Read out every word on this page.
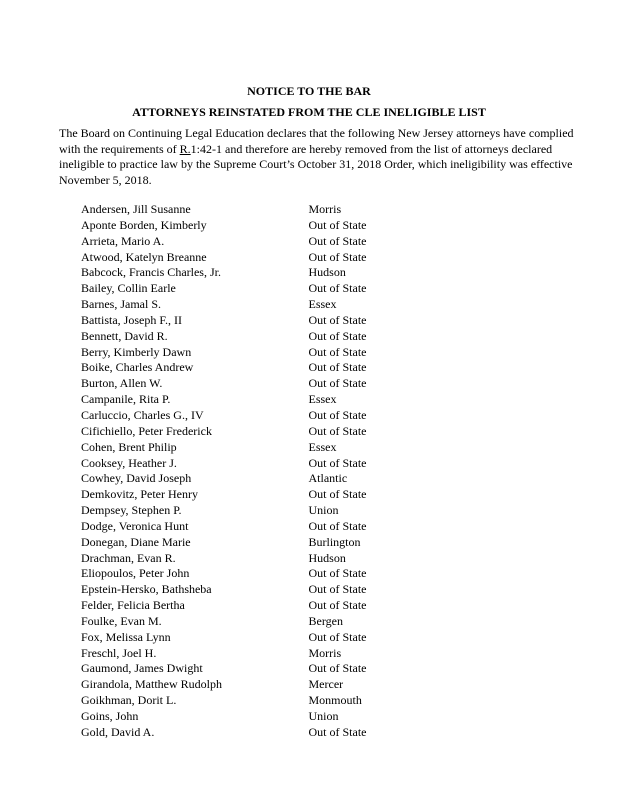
NOTICE TO THE BAR
ATTORNEYS REINSTATED FROM THE CLE INELIGIBLE LIST
The Board on Continuing Legal Education declares that the following New Jersey attorneys have complied with the requirements of R.1:42-1 and therefore are hereby removed from the list of attorneys declared ineligible to practice law by the Supreme Court’s October 31, 2018 Order, which ineligibility was effective November 5, 2018.
Andersen, Jill Susanne	Morris
Aponte Borden, Kimberly	Out of State
Arrieta, Mario A.	Out of State
Atwood, Katelyn Breanne	Out of State
Babcock, Francis Charles, Jr.	Hudson
Bailey, Collin Earle	Out of State
Barnes, Jamal S.	Essex
Battista, Joseph F., II	Out of State
Bennett, David R.	Out of State
Berry, Kimberly Dawn	Out of State
Boike, Charles Andrew	Out of State
Burton, Allen W.	Out of State
Campanile, Rita P.	Essex
Carluccio, Charles G., IV	Out of State
Cifichiello, Peter Frederick	Out of State
Cohen, Brent Philip	Essex
Cooksey, Heather J.	Out of State
Cowhey, David Joseph	Atlantic
Demkovitz, Peter Henry	Out of State
Dempsey, Stephen P.	Union
Dodge, Veronica Hunt	Out of State
Donegan, Diane Marie	Burlington
Drachman, Evan R.	Hudson
Eliopoulos, Peter John	Out of State
Epstein-Hersko, Bathsheba	Out of State
Felder, Felicia Bertha	Out of State
Foulke, Evan M.	Bergen
Fox, Melissa Lynn	Out of State
Freschl, Joel H.	Morris
Gaumond, James Dwight	Out of State
Girandola, Matthew Rudolph	Mercer
Goikhman, Dorit L.	Monmouth
Goins, John	Union
Gold, David A.	Out of State
